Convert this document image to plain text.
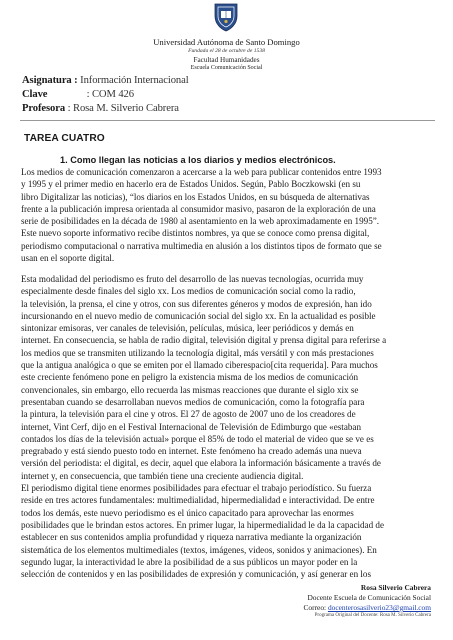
Universidad Autónoma de Santo Domingo
Fundada el 28 de octubre de 1538
Facultad Humanidades
Escuela Comunicación Social
Asignatura : Información Internacional
Clave	: COM 426
Profesora : Rosa M. Silverio Cabrera
TAREA CUATRO
1. Como llegan las noticias a los diarios y medios electrónicos.
Los medios de comunicación comenzaron a acercarse a la web para publicar contenidos entre 1993
y 1995 y el primer medio en hacerlo era de Estados Unidos. Según, Pablo Boczkowski (en su
libro Digitalizar las noticias), “los diarios en los Estados Unidos, en su búsqueda de alternativas
frente a la publicación impresa orientada al consumidor masivo, pasaron de la exploración de una
serie de posibilidades en la década de 1980 al asentamiento en la web aproximadamente en 1995”.
Este nuevo soporte informativo recibe distintos nombres, ya que se conoce como prensa digital,
periodismo computacional o narrativa multimedia en alusión a los distintos tipos de formato que se
usan en el soporte digital.
Esta modalidad del periodismo es fruto del desarrollo de las nuevas tecnologías, ocurrida muy
especialmente desde finales del siglo xx. Los medios de comunicación social como la radio,
la televisión, la prensa, el cine y otros, con sus diferentes géneros y modos de expresión, han ido
incursionando en el nuevo medio de comunicación social del siglo xx. En la actualidad es posible
sintonizar emisoras, ver canales de televisión, películas, música, leer periódicos y demás en
internet. En consecuencia, se habla de radio digital, televisión digital y prensa digital para referirse a
los medios que se transmiten utilizando la tecnología digital, más versátil y con más prestaciones
que la antigua analógica o que se emiten por el llamado ciberespacio[cita requerida]. Para muchos
este creciente fenómeno pone en peligro la existencia misma de los medios de comunicación
convencionales, sin embargo, ello recuerda las mismas reacciones que durante el siglo xix se
presentaban cuando se desarrollaban nuevos medios de comunicación, como la fotografía para
la pintura, la televisión para el cine y otros. El 27 de agosto de 2007 uno de los creadores de
internet, Vint Cerf, dijo en el Festival Internacional de Televisión de Edimburgo que «estaban
contados los días de la televisión actual» porque el 85% de todo el material de video que se ve es
pregrabado y está siendo puesto todo en internet. Este fenómeno ha creado además una nueva
versión del periodista: el digital, es decir, aquel que elabora la información básicamente a través de
internet y, en consecuencia, que también tiene una creciente audiencia digital.
El periodismo digital tiene enormes posibilidades para efectuar el trabajo periodístico. Su fuerza
reside en tres actores fundamentales: multimedialidad, hipermedialidad e interactividad. De entre
todos los demás, este nuevo periodismo es el único capacitado para aprovechar las enormes
posibilidades que le brindan estos actores. En primer lugar, la hipermedialidad le da la capacidad de
establecer en sus contenidos amplia profundidad y riqueza narrativa mediante la organización
sistemática de los elementos multimediales (textos, imágenes, videos, sonidos y animaciones). En
segundo lugar, la interactividad le abre la posibilidad de a sus públicos un mayor poder en la
selección de contenidos y en las posibilidades de expresión y comunicación, y así generar en los
Rosa Silverio Cabrera
Docente Escuela de Comunicación Social
Correo: docenterosasilverio23@gmail.com
Programa Original del Docente: Rosa M. Silverio Cabrera
